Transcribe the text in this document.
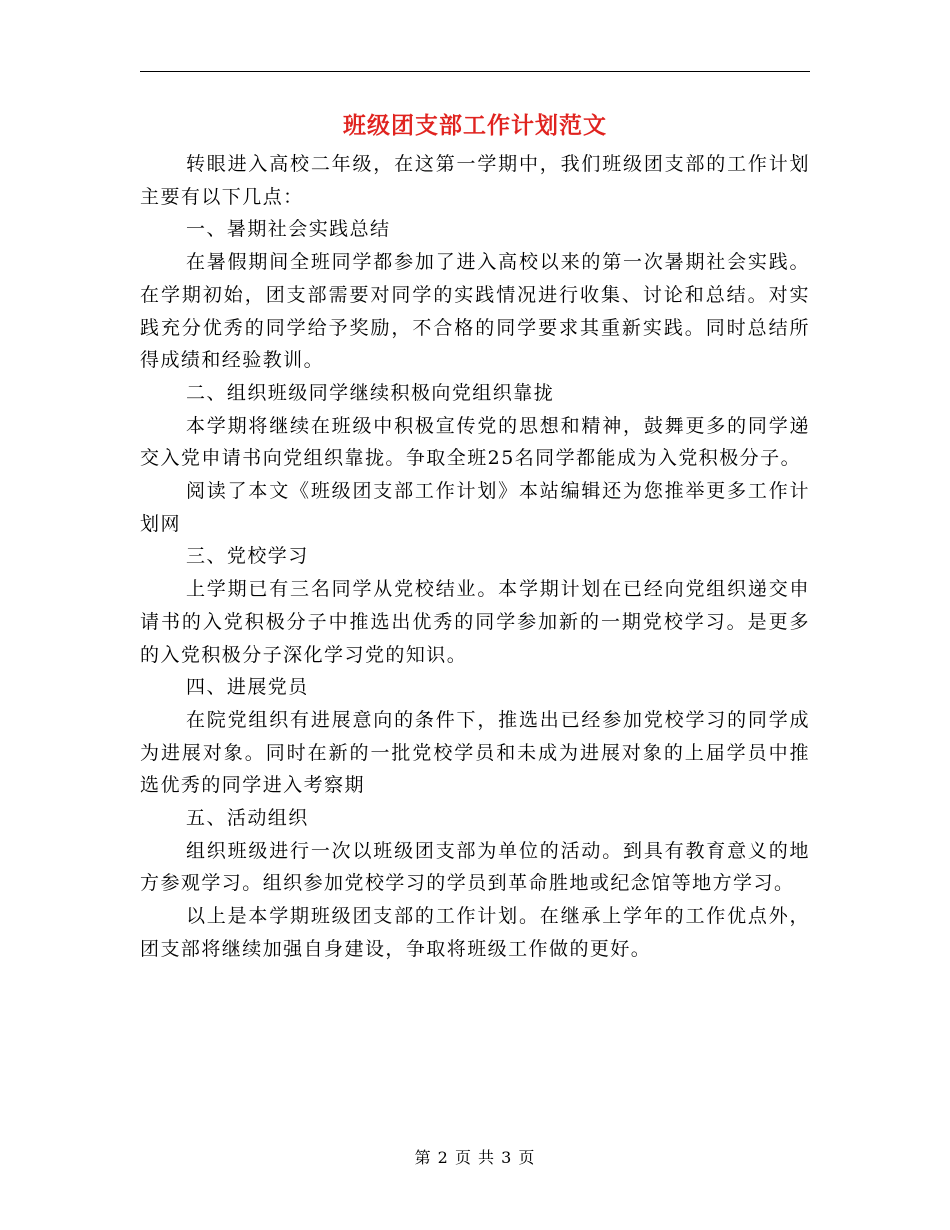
班级团支部工作计划范文

转眼进入高校二年级，在这第一学期中，我们班级团支部的工作计划主要有以下几点：

一、暑期社会实践总结

在暑假期间全班同学都参加了进入高校以来的第一次暑期社会实践。在学期初始，团支部需要对同学的实践情况进行收集、讨论和总结。对实践充分优秀的同学给予奖励，不合格的同学要求其重新实践。同时总结所得成绩和经验教训。

二、组织班级同学继续积极向党组织靠拢

本学期将继续在班级中积极宣传党的思想和精神，鼓舞更多的同学递交入党申请书向党组织靠拢。争取全班25名同学都能成为入党积极分子。

阅读了本文《班级团支部工作计划》本站编辑还为您推举更多工作计划网

三、党校学习

上学期已有三名同学从党校结业。本学期计划在已经向党组织递交申请书的入党积极分子中推选出优秀的同学参加新的一期党校学习。是更多的入党积极分子深化学习党的知识。

四、进展党员

在院党组织有进展意向的条件下，推选出已经参加党校学习的同学成为进展对象。同时在新的一批党校学员和未成为进展对象的上届学员中推选优秀的同学进入考察期

五、活动组织

组织班级进行一次以班级团支部为单位的活动。到具有教育意义的地方参观学习。组织参加党校学习的学员到革命胜地或纪念馆等地方学习。

以上是本学期班级团支部的工作计划。在继承上学年的工作优点外，团支部将继续加强自身建设，争取将班级工作做的更好。

第 2 页 共 3 页
